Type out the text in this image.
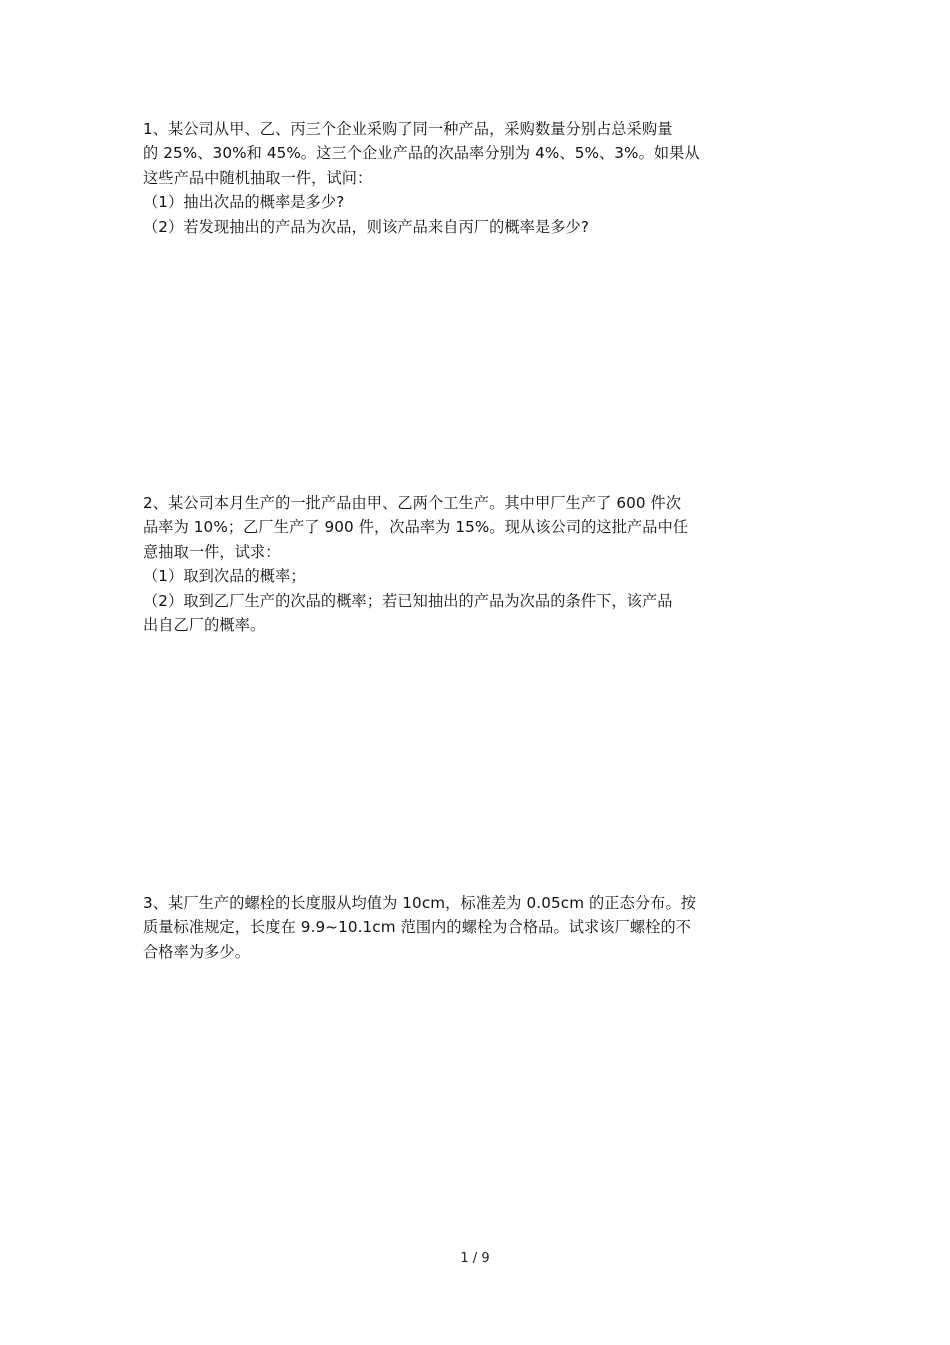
1、某公司从甲、乙、丙三个企业采购了同一种产品，采购数量分别占总采购量
的 25%、30%和 45%。这三个企业产品的次品率分别为 4%、5%、3%。如果从
这些产品中随机抽取一件，试问：
（1）抽出次品的概率是多少?
（2）若发现抽出的产品为次品，则该产品来自丙厂的概率是多少?
2、某公司本月生产的一批产品由甲、乙两个工生产。其中甲厂生产了 600 件次
品率为 10%；乙厂生产了 900 件，次品率为 15%。现从该公司的这批产品中任
意抽取一件，试求：
（1）取到次品的概率；
（2）取到乙厂生产的次品的概率；若已知抽出的产品为次品的条件下，该产品
出自乙厂的概率。
3、某厂生产的螺栓的长度服从均值为 10cm，标准差为 0.05cm 的正态分布。按
质量标准规定，长度在 9.9~10.1cm 范围内的螺栓为合格品。试求该厂螺栓的不
合格率为多少。
1 / 9
